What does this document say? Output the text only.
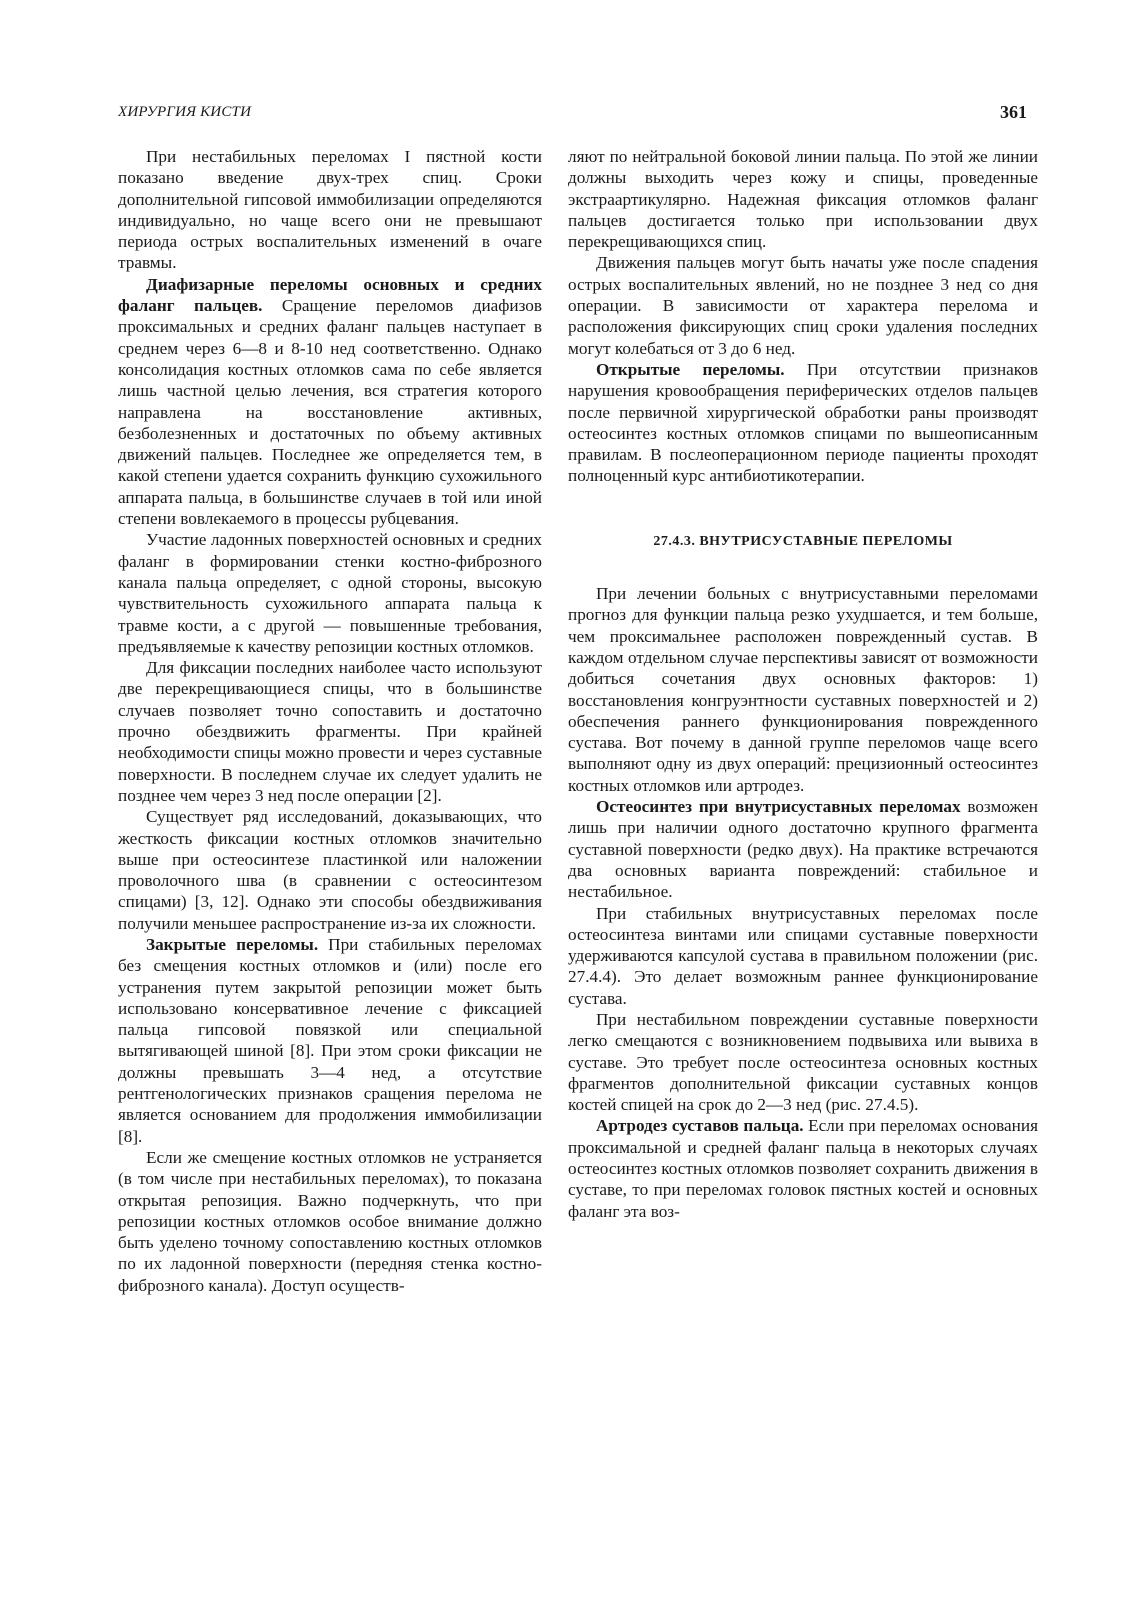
ХИРУРГИЯ КИСТИ	361

При нестабильных переломах I пястной кости показано введение двух-трех спиц. Сроки дополнительной гипсовой иммобилизации определяются индивидуально, но чаще всего они не превышают периода острых воспалительных изменений в очаге травмы.

Диафизарные переломы основных и средних фаланг пальцев. Сращение переломов диафизов проксимальных и средних фаланг пальцев наступает в среднем через 6—8 и 8-10 нед соответственно. Однако консолидация костных отломков сама по себе является лишь частной целью лечения, вся стратегия которого направлена на восстановление активных, безболезненных и достаточных по объему активных движений пальцев. Последнее же определяется тем, в какой степени удается сохранить функцию сухожильного аппарата пальца, в большинстве случаев в той или иной степени вовлекаемого в процессы рубцевания.

Участие ладонных поверхностей основных и средних фаланг в формировании стенки костно-фиброзного канала пальца определяет, с одной стороны, высокую чувствительность сухожильного аппарата пальца к травме кости, а с другой — повышенные требования, предъявляемые к качеству репозиции костных отломков.

Для фиксации последних наиболее часто используют две перекрещивающиеся спицы, что в большинстве случаев позволяет точно сопоставить и достаточно прочно обездвижить фрагменты. При крайней необходимости спицы можно провести и через суставные поверхности. В последнем случае их следует удалить не позднее чем через 3 нед после операции [2].

Существует ряд исследований, доказывающих, что жесткость фиксации костных отломков значительно выше при остеосинтезе пластинкой или наложении проволочного шва (в сравнении с остеосинтезом спицами) [3, 12]. Однако эти способы обездвиживания получили меньшее распространение из-за их сложности.

Закрытые переломы. При стабильных переломах без смещения костных отломков и (или) после его устранения путем закрытой репозиции может быть использовано консервативное лечение с фиксацией пальца гипсовой повязкой или специальной вытягивающей шиной [8]. При этом сроки фиксации не должны превышать 3—4 нед, а отсутствие рентгенологических признаков сращения перелома не является основанием для продолжения иммобилизации [8].

Если же смещение костных отломков не устраняется (в том числе при нестабильных переломах), то показана открытая репозиция. Важно подчеркнуть, что при репозиции костных отломков особое внимание должно быть уделено точному сопоставлению костных отломков по их ладонной поверхности (передняя стенка костно-фиброзного канала). Доступ осуществ-

ляют по нейтральной боковой линии пальца. По этой же линии должны выходить через кожу и спицы, проведенные экстраартикулярно. Надежная фиксация отломков фаланг пальцев достигается только при использовании двух перекрещивающихся спиц.

Движения пальцев могут быть начаты уже после спадения острых воспалительных явлений, но не позднее 3 нед со дня операции. В зависимости от характера перелома и расположения фиксирующих спиц сроки удаления последних могут колебаться от 3 до 6 нед.

Открытые переломы. При отсутствии признаков нарушения кровообращения периферических отделов пальцев после первичной хирургической обработки раны производят остеосинтез костных отломков спицами по вышеописанным правилам. В послеоперационном периоде пациенты проходят полноценный курс антибиотикотерапии.

27.4.3. ВНУТРИСУСТАВНЫЕ ПЕРЕЛОМЫ

При лечении больных с внутрисуставными переломами прогноз для функции пальца резко ухудшается, и тем больше, чем проксимальнее расположен поврежденный сустав. В каждом отдельном случае перспективы зависят от возможности добиться сочетания двух основных факторов: 1) восстановления конгруэнтности суставных поверхностей и 2) обеспечения раннего функционирования поврежденного сустава. Вот почему в данной группе переломов чаще всего выполняют одну из двух операций: прецизионный остеосинтез костных отломков или артродез.

Остеосинтез при внутрисуставных переломах возможен лишь при наличии одного достаточно крупного фрагмента суставной поверхности (редко двух). На практике встречаются два основных варианта повреждений: стабильное и нестабильное.

При стабильных внутрисуставных переломах после остеосинтеза винтами или спицами суставные поверхности удерживаются капсулой сустава в правильном положении (рис. 27.4.4). Это делает возможным раннее функционирование сустава.

При нестабильном повреждении суставные поверхности легко смещаются с возникновением подвывиха или вывиха в суставе. Это требует после остеосинтеза основных костных фрагментов дополнительной фиксации суставных концов костей спицей на срок до 2—3 нед (рис. 27.4.5).

Артродез суставов пальца. Если при переломах основания проксимальной и средней фаланг пальца в некоторых случаях остеосинтез костных отломков позволяет сохранить движения в суставе, то при переломах головок пястных костей и основных фаланг эта воз-
